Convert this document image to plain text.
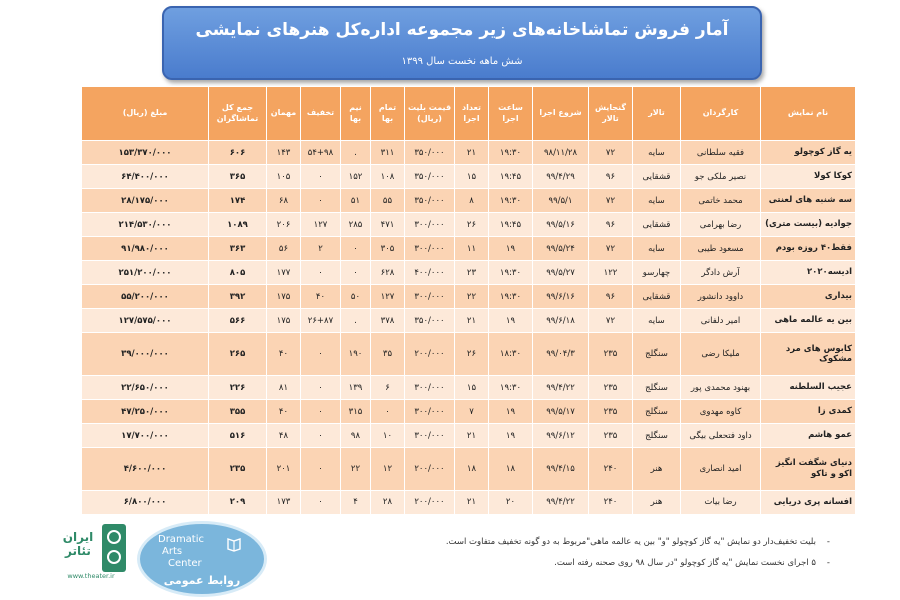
آمار فروش تماشاخانه‌های زیر مجموعه اداره‌کل هنرهای نمایشی
شش ماهه نخست سال ۱۳۹۹
نام نمایش	کارگردان	تالار	گنجایش تالار	شروع اجرا	ساعت اجرا	تعداد اجرا	قیمت بلیت (ریال)	تمام بها	نیم بها	تخفیف	مهمان	جمع کل تماشاگران	مبلغ (ریال)
یه گاز کوچولو	فقیه سلطانی	سایه	۷۲	۹۸/۱۱/۲۸	۱۹:۳۰	۲۱	۳۵۰/۰۰۰	۳۱۱	.	۵۴+۹۸	۱۴۳	۶۰۶	۱۵۳/۳۷۰/۰۰۰
کوکا کولا	نصیر ملکی جو	قشقایی	۹۶	۹۹/۴/۲۹	۱۹:۴۵	۱۵	۳۵۰/۰۰۰	۱۰۸	۱۵۲	۰	۱۰۵	۳۶۵	۶۴/۴۰۰/۰۰۰
سه شنبه های لعنتی	محمد خاتمی	سایه	۷۲	۹۹/۵/۱	۱۹:۳۰	۸	۳۵۰/۰۰۰	۵۵	۵۱	۰	۶۸	۱۷۴	۲۸/۱۷۵/۰۰۰
جوادیه (بیست متری)	رضا بهرامی	قشقایی	۹۶	۹۹/۵/۱۶	۱۹:۴۵	۲۶	۳۰۰/۰۰۰	۴۷۱	۲۸۵	۱۲۷	۲۰۶	۱۰۸۹	۲۱۴/۵۳۰/۰۰۰
فقط۴۰ روزه بودم	مسعود طیبی	سایه	۷۲	۹۹/۵/۲۴	۱۹	۱۱	۳۰۰/۰۰۰	۳۰۵	۰	۲	۵۶	۳۶۳	۹۱/۹۸۰/۰۰۰
ادیسه۲۰۲۰	آرش دادگر	چهارسو	۱۲۲	۹۹/۵/۲۷	۱۹:۳۰	۲۳	۴۰۰/۰۰۰	۶۲۸	۰	۰	۱۷۷	۸۰۵	۲۵۱/۲۰۰/۰۰۰
بیداری	داوود دانشور	قشقایی	۹۶	۹۹/۶/۱۶	۱۹:۳۰	۲۲	۳۰۰/۰۰۰	۱۲۷	۵۰	۴۰	۱۷۵	۳۹۲	۵۵/۲۰۰/۰۰۰
بین یه عالمه ماهی	امیر دلفانی	سایه	۷۲	۹۹/۶/۱۸	۱۹	۲۱	۳۵۰/۰۰۰	۳۷۸	.	۲۶+۸۷	۱۷۵	۵۶۶	۱۲۷/۵۷۵/۰۰۰
کابوس های مرد مشکوک	ملیکا رضی	سنگلج	۲۳۵	۹۹/۰۴/۳	۱۸:۳۰	۲۶	۲۰۰/۰۰۰	۳۵	۱۹۰	۰	۴۰	۲۶۵	۳۹/۰۰۰/۰۰۰
عجیب السلطنه	بهنود محمدی پور	سنگلج	۲۳۵	۹۹/۴/۲۲	۱۹:۳۰	۱۵	۳۰۰/۰۰۰	۶	۱۳۹	۰	۸۱	۲۲۶	۲۲/۶۵۰/۰۰۰
کمدی زا	کاوه مهدوی	سنگلج	۲۳۵	۹۹/۵/۱۷	۱۹	۷	۳۰۰/۰۰۰	۰	۳۱۵	۰	۴۰	۳۵۵	۴۷/۲۵۰/۰۰۰
عمو هاشم	داود فتحعلی بیگی	سنگلج	۲۳۵	۹۹/۶/۱۲	۱۹	۲۱	۳۰۰/۰۰۰	۱۰	۹۸	۰	۴۸	۵۱۶	۱۷/۷۰۰/۰۰۰
دنیای شگفت انگیز اکو و تاکو	امید انصاری	هنر	۲۴۰	۹۹/۴/۱۵	۱۸	۱۸	۲۰۰/۰۰۰	۱۲	۲۲	۰	۲۰۱	۲۳۵	۴/۶۰۰/۰۰۰
افسانه پری دریایی	رضا بیات	هنر	۲۴۰	۹۹/۴/۲۲	۲۰	۲۱	۲۰۰/۰۰۰	۲۸	۴	۰	۱۷۳	۲۰۹	۶/۸۰۰/۰۰۰
-
بلیت تخفیف‌دار دو نمایش "یه گاز کوچولو "و" بین یه عالمه ماهی"مربوط به دو گونه تخفیف متفاوت است.
-
۵ اجرای نخست نمایش "یه گاز کوچولو "در سال ۹۸ روی صحنه رفته است.
Dramatic
Arts
Center
روابط عمومی
ایران تئاتر
www.theater.ir
